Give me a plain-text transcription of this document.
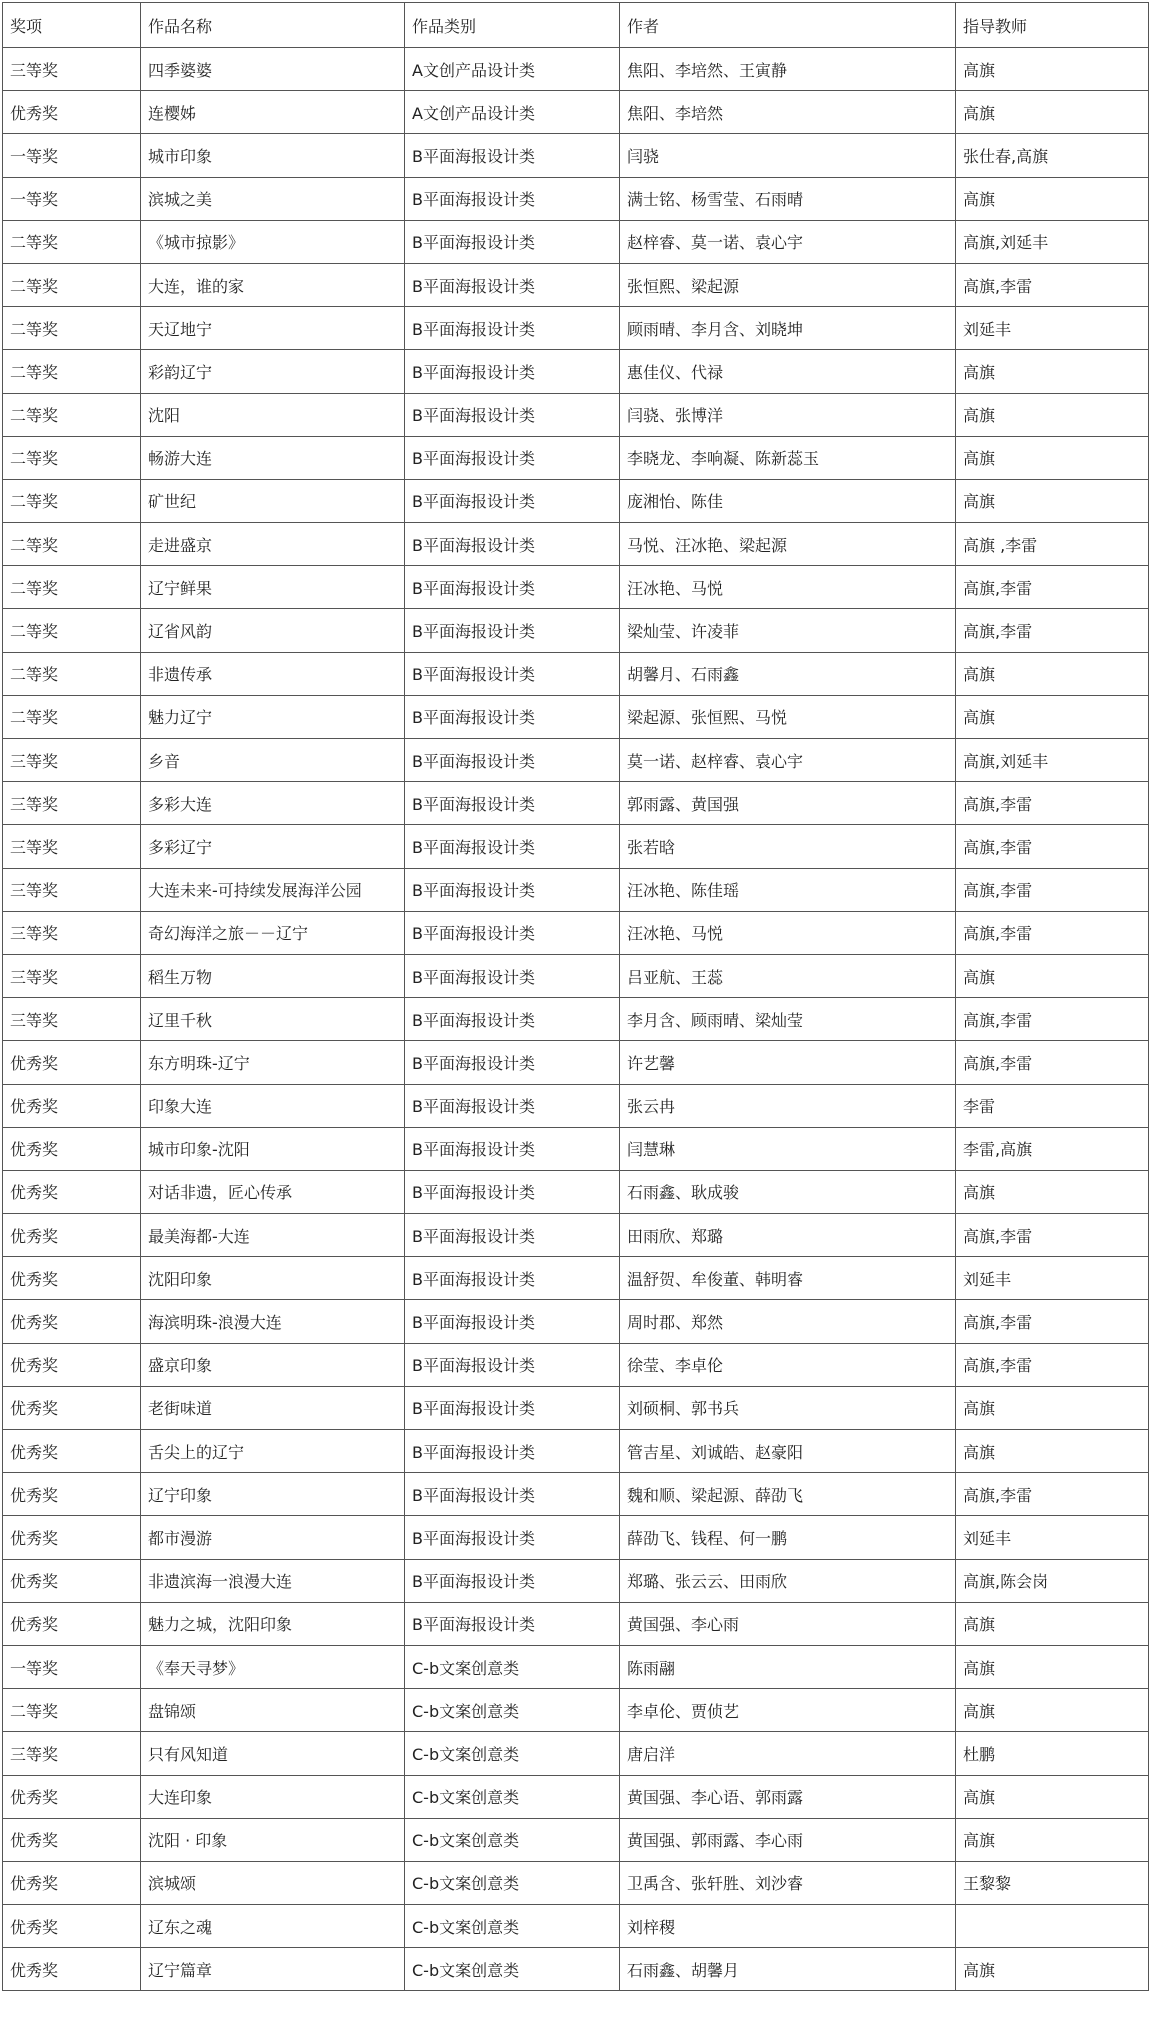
奖项	作品名称	作品类别	作者	指导教师
三等奖	四季婆婆	A文创产品设计类	焦阳、李培然、王寅静	高旗
优秀奖	连樱姊	A文创产品设计类	焦阳、李培然	高旗
一等奖	城市印象	B平面海报设计类	闫骁	张仕春,高旗
一等奖	滨城之美	B平面海报设计类	满士铭、杨雪莹、石雨晴	高旗
二等奖	《城市掠影》	B平面海报设计类	赵梓睿、莫一诺、袁心宇	高旗,刘延丰
二等奖	大连，谁的家	B平面海报设计类	张恒熙、梁起源	高旗,李雷
二等奖	天辽地宁	B平面海报设计类	顾雨晴、李月含、刘晓坤	刘延丰
二等奖	彩韵辽宁	B平面海报设计类	惠佳仪、代禄	高旗
二等奖	沈阳	B平面海报设计类	闫骁、张博洋	高旗
二等奖	畅游大连	B平面海报设计类	李晓龙、李响凝、陈新蕊玉	高旗
二等奖	矿世纪	B平面海报设计类	庞湘怡、陈佳	高旗
二等奖	走进盛京	B平面海报设计类	马悦、汪冰艳、梁起源	高旗 ,李雷
二等奖	辽宁鲜果	B平面海报设计类	汪冰艳、马悦	高旗,李雷
二等奖	辽省风韵	B平面海报设计类	梁灿莹、许凌菲	高旗,李雷
二等奖	非遗传承	B平面海报设计类	胡馨月、石雨鑫	高旗
二等奖	魅力辽宁	B平面海报设计类	梁起源、张恒熙、马悦	高旗
三等奖	乡音	B平面海报设计类	莫一诺、赵梓睿、袁心宇	高旗,刘延丰
三等奖	多彩大连	B平面海报设计类	郭雨露、黄国强	高旗,李雷
三等奖	多彩辽宁	B平面海报设计类	张若晗	高旗,李雷
三等奖	大连未来-可持续发展海洋公园	B平面海报设计类	汪冰艳、陈佳瑶	高旗,李雷
三等奖	奇幻海洋之旅－－辽宁	B平面海报设计类	汪冰艳、马悦	高旗,李雷
三等奖	稻生万物	B平面海报设计类	吕亚航、王蕊	高旗
三等奖	辽里千秋	B平面海报设计类	李月含、顾雨晴、梁灿莹	高旗,李雷
优秀奖	东方明珠-辽宁	B平面海报设计类	许艺馨	高旗,李雷
优秀奖	印象大连	B平面海报设计类	张云冉	李雷
优秀奖	城市印象-沈阳	B平面海报设计类	闫慧琳	李雷,高旗
优秀奖	对话非遗，匠心传承	B平面海报设计类	石雨鑫、耿成骏	高旗
优秀奖	最美海都-大连	B平面海报设计类	田雨欣、郑璐	高旗,李雷
优秀奖	沈阳印象	B平面海报设计类	温舒贺、牟俊董、韩明睿	刘延丰
优秀奖	海滨明珠-浪漫大连	B平面海报设计类	周时郡、郑然	高旗,李雷
优秀奖	盛京印象	B平面海报设计类	徐莹、李卓伦	高旗,李雷
优秀奖	老街味道	B平面海报设计类	刘硕桐、郭书兵	高旗
优秀奖	舌尖上的辽宁	B平面海报设计类	管吉星、刘诚皓、赵豪阳	高旗
优秀奖	辽宁印象	B平面海报设计类	魏和顺、梁起源、薛劭飞	高旗,李雷
优秀奖	都市漫游	B平面海报设计类	薛劭飞、钱程、何一鹏	刘延丰
优秀奖	非遗滨海一浪漫大连	B平面海报设计类	郑璐、张云云、田雨欣	高旗,陈会岗
优秀奖	魅力之城，沈阳印象	B平面海报设计类	黄国强、李心雨	高旗
一等奖	《奉天寻梦》	C-b文案创意类	陈雨翮	高旗
二等奖	盘锦颂	C-b文案创意类	李卓伦、贾侦艺	高旗
三等奖	只有风知道	C-b文案创意类	唐启洋	杜鹏
优秀奖	大连印象	C-b文案创意类	黄国强、李心语、郭雨露	高旗
优秀奖	沈阳 · 印象	C-b文案创意类	黄国强、郭雨露、李心雨	高旗
优秀奖	滨城颂	C-b文案创意类	卫禹含、张轩胜、刘沙睿	王黎黎
优秀奖	辽东之魂	C-b文案创意类	刘梓稷	
优秀奖	辽宁篇章	C-b文案创意类	石雨鑫、胡馨月	高旗
